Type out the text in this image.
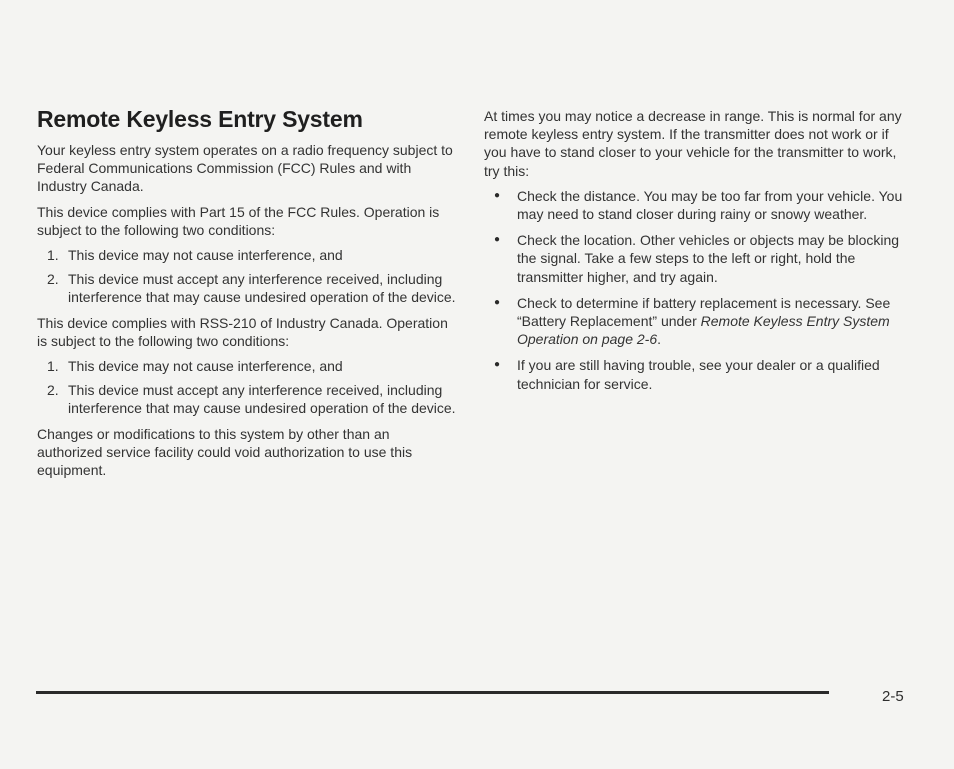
Remote Keyless Entry System

Your keyless entry system operates on a radio frequency subject to Federal Communications Commission (FCC) Rules and with Industry Canada.

This device complies with Part 15 of the FCC Rules. Operation is subject to the following two conditions:

1. This device may not cause interference, and
2. This device must accept any interference received, including interference that may cause undesired operation of the device.

This device complies with RSS-210 of Industry Canada. Operation is subject to the following two conditions:

1. This device may not cause interference, and
2. This device must accept any interference received, including interference that may cause undesired operation of the device.

Changes or modifications to this system by other than an authorized service facility could void authorization to use this equipment.

At times you may notice a decrease in range. This is normal for any remote keyless entry system. If the transmitter does not work or if you have to stand closer to your vehicle for the transmitter to work, try this:

● Check the distance. You may be too far from your vehicle. You may need to stand closer during rainy or snowy weather.
● Check the location. Other vehicles or objects may be blocking the signal. Take a few steps to the left or right, hold the transmitter higher, and try again.
● Check to determine if battery replacement is necessary. See “Battery Replacement” under Remote Keyless Entry System Operation on page 2-6.
● If you are still having trouble, see your dealer or a qualified technician for service.
2-5
